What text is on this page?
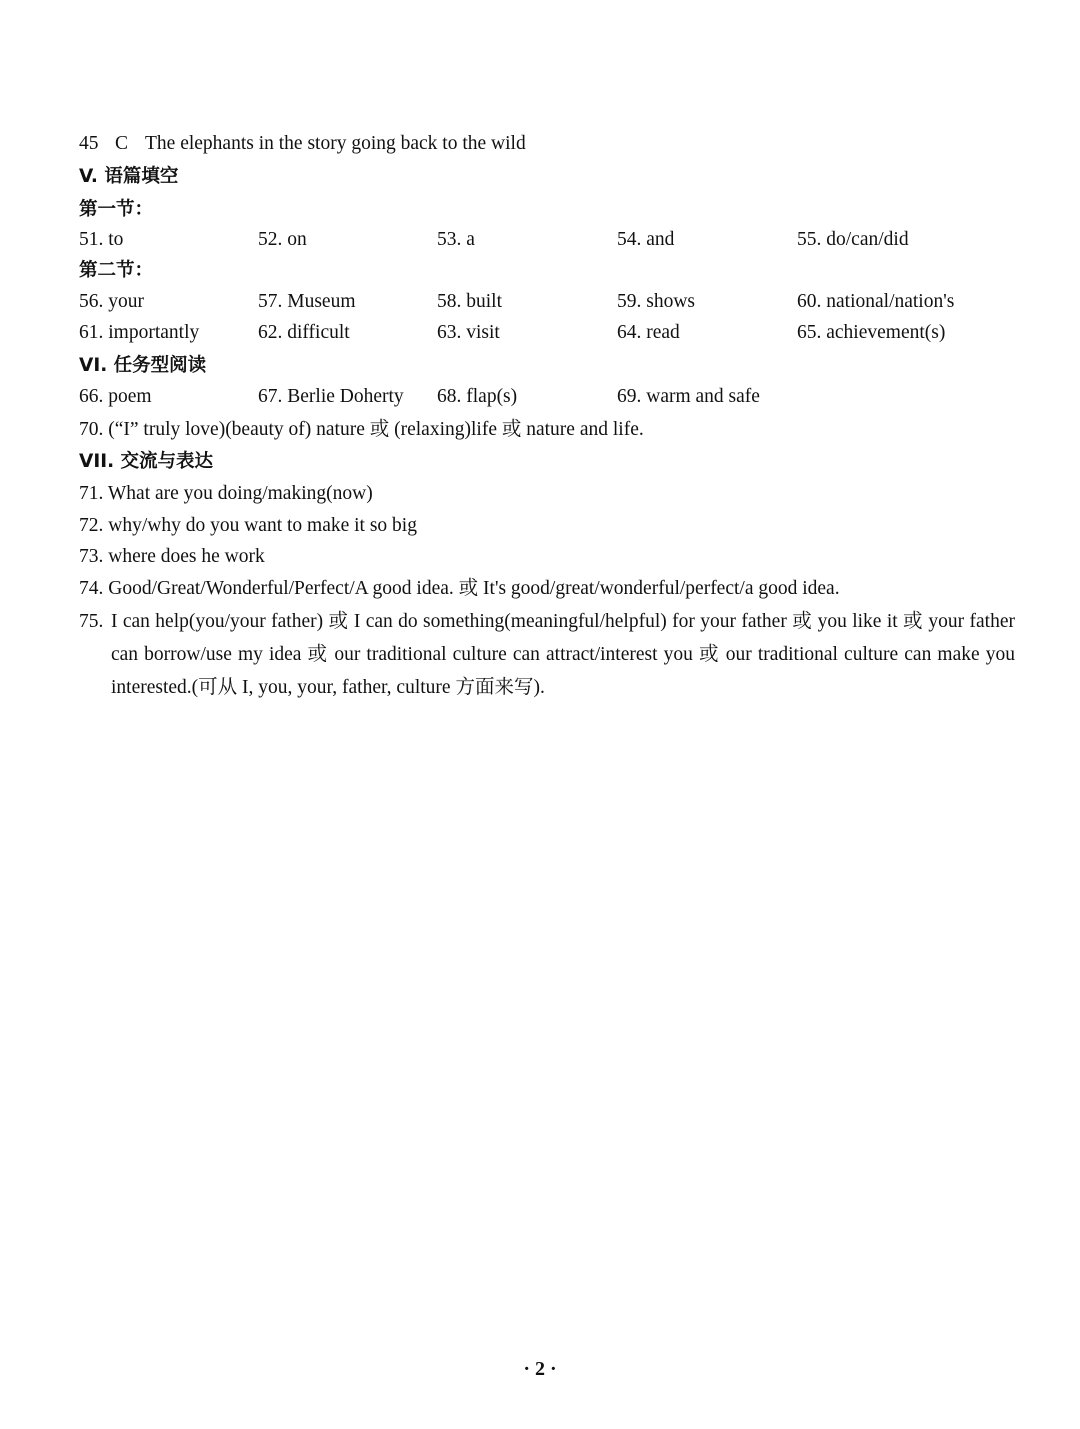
45 C The elephants in the story going back to the wild
V. 语篇填空
第一节：
51. to	52. on	53. a	54. and	55. do/can/did
第二节：
56. your	57. Museum	58. built	59. shows	60. national/nation's
61. importantly	62. difficult	63. visit	64. read	65. achievement(s)
VI. 任务型阅读
66. poem	67. Berlie Doherty 68. flap(s)	69. warm and safe
70. (“I” truly love)(beauty of) nature 或 (relaxing)life 或 nature and life.
VII. 交流与表达
71. What are you doing/making(now)
72. why/why do you want to make it so big
73. where does he work
74. Good/Great/Wonderful/Perfect/A good idea. 或 It's good/great/wonderful/perfect/a good idea.
75. I can help(you/your father) 或 I can do something(meaningful/helpful) for your father 或 you like it 或 your father can borrow/use my idea 或 our traditional culture can attract/interest you 或 our traditional culture can make you interested.(可从 I, you, your, father, culture 方面来写).
· 2 ·
